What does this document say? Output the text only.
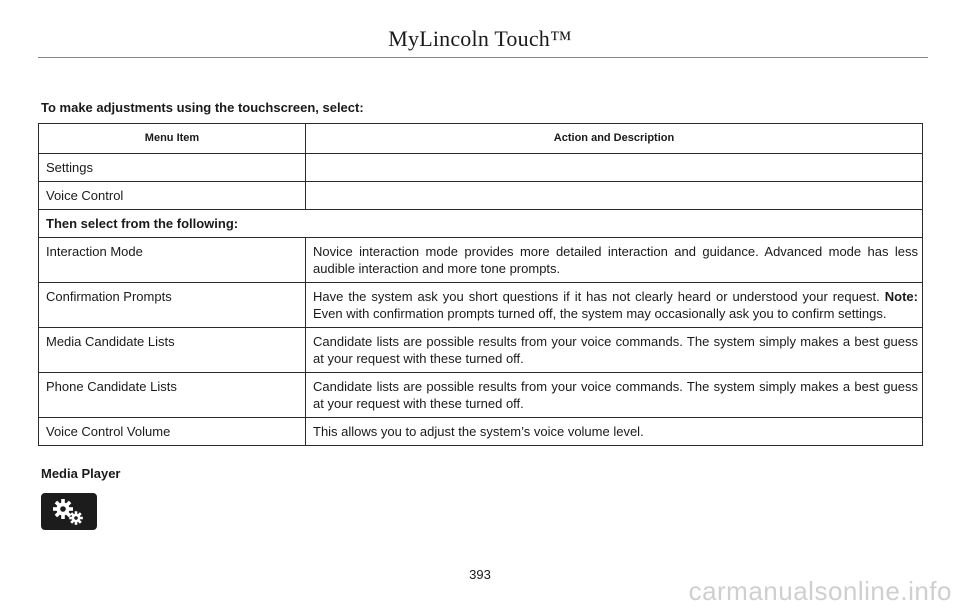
MyLincoln Touch™
To make adjustments using the touchscreen, select:
Menu Item	Action and Description
Settings	
Voice Control	
Then select from the following:	
Interaction Mode	Novice interaction mode provides more detailed interaction and guidance. Advanced mode has less audible interaction and more tone prompts.
Confirmation Prompts	Have the system ask you short questions if it has not clearly heard or understood your request. Note: Even with confirmation prompts turned off, the system may occasionally ask you to confirm settings.
Media Candidate Lists	Candidate lists are possible results from your voice commands. The system simply makes a best guess at your request with these turned off.
Phone Candidate Lists	Candidate lists are possible results from your voice commands. The system simply makes a best guess at your request with these turned off.
Voice Control Volume	This allows you to adjust the system’s voice volume level.
Media Player
393
carmanualsonline.info
